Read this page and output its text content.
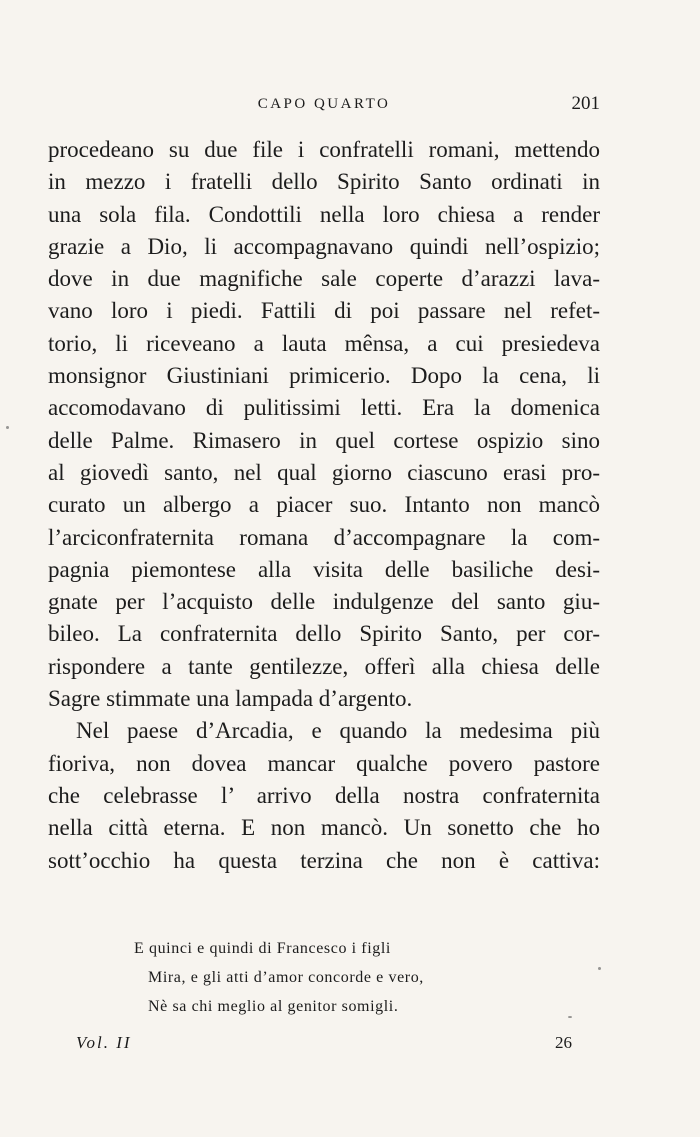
CAPO QUARTO	201
procedeano su due file i confratelli romani, mettendo
in mezzo i fratelli dello Spirito Santo ordinati in
una sola fila. Condottili nella loro chiesa a render
grazie a Dio, li accompagnavano quindi nell’ospizio;
dove in due magnifiche sale coperte d’arazzi lava-
vano loro i piedi. Fattili di poi passare nel refet-
torio, li riceveano a lauta mênsa, a cui presiedeva
monsignor Giustiniani primicerio. Dopo la cena, li
accomodavano di pulitissimi letti. Era la domenica
delle Palme. Rimasero in quel cortese ospizio sino
al giovedì santo, nel qual giorno ciascuno erasi pro-
curato un albergo a piacer suo. Intanto non mancò
l’arciconfraternita romana d’accompagnare la com-
pagnia piemontese alla visita delle basiliche desi-
gnate per l’acquisto delle indulgenze del santo giu-
bileo. La confraternita dello Spirito Santo, per cor-
rispondere a tante gentilezze, offerì alla chiesa delle
Sagre stimmate una lampada d’argento.
Nel paese d’Arcadia, e quando la medesima più
fioriva, non dovea mancar qualche povero pastore
che celebrasse l’ arrivo della nostra confraternita
nella città eterna. E non mancò. Un sonetto che ho
sott’occhio ha questa terzina che non è cattiva:
E quinci e quindi di Francesco i figli
Mira, e gli atti d’amor concorde e vero,
Nè sa chi meglio al genitor somigli.
Vol. II	26
